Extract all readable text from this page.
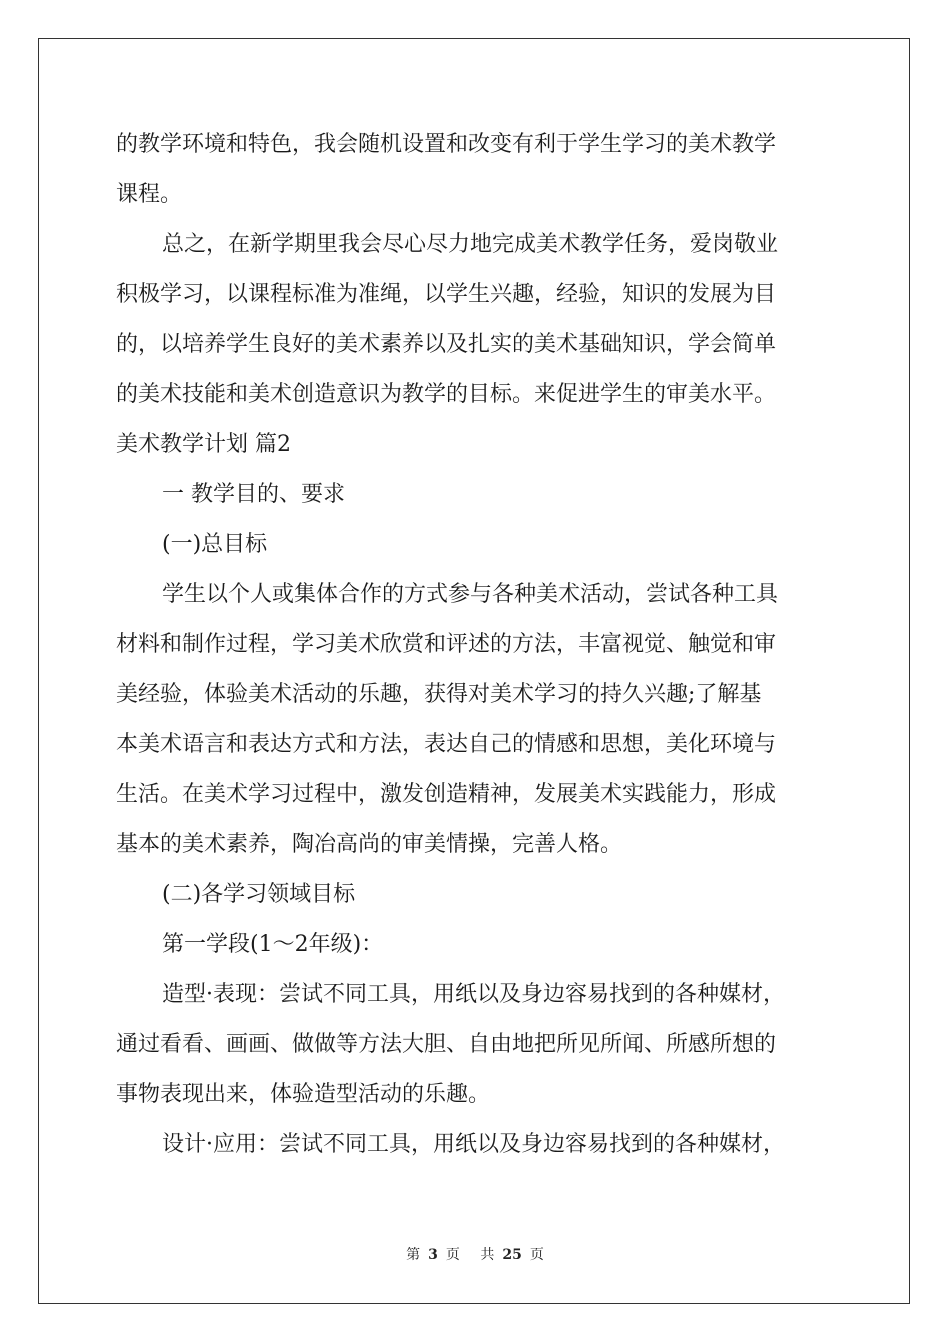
的教学环境和特色，我会随机设置和改变有利于学生学习的美术教学
课程。
总之，在新学期里我会尽心尽力地完成美术教学任务，爱岗敬业
积极学习，以课程标准为准绳，以学生兴趣，经验，知识的发展为目
的，以培养学生良好的美术素养以及扎实的美术基础知识，学会简单
的美术技能和美术创造意识为教学的目标。来促进学生的审美水平。
美术教学计划 篇2
一 教学目的、要求
(一)总目标
学生以个人或集体合作的方式参与各种美术活动，尝试各种工具
材料和制作过程，学习美术欣赏和评述的方法，丰富视觉、触觉和审
美经验，体验美术活动的乐趣，获得对美术学习的持久兴趣;了解基
本美术语言和表达方式和方法，表达自己的情感和思想，美化环境与
生活。在美术学习过程中，激发创造精神，发展美术实践能力，形成
基本的美术素养，陶冶高尚的审美情操，完善人格。
(二)各学习领域目标
第一学段(1～2年级)：
造型·表现：尝试不同工具，用纸以及身边容易找到的各种媒材，
通过看看、画画、做做等方法大胆、自由地把所见所闻、所感所想的
事物表现出来，体验造型活动的乐趣。
设计·应用：尝试不同工具，用纸以及身边容易找到的各种媒材，
第 3 页 共 25 页
